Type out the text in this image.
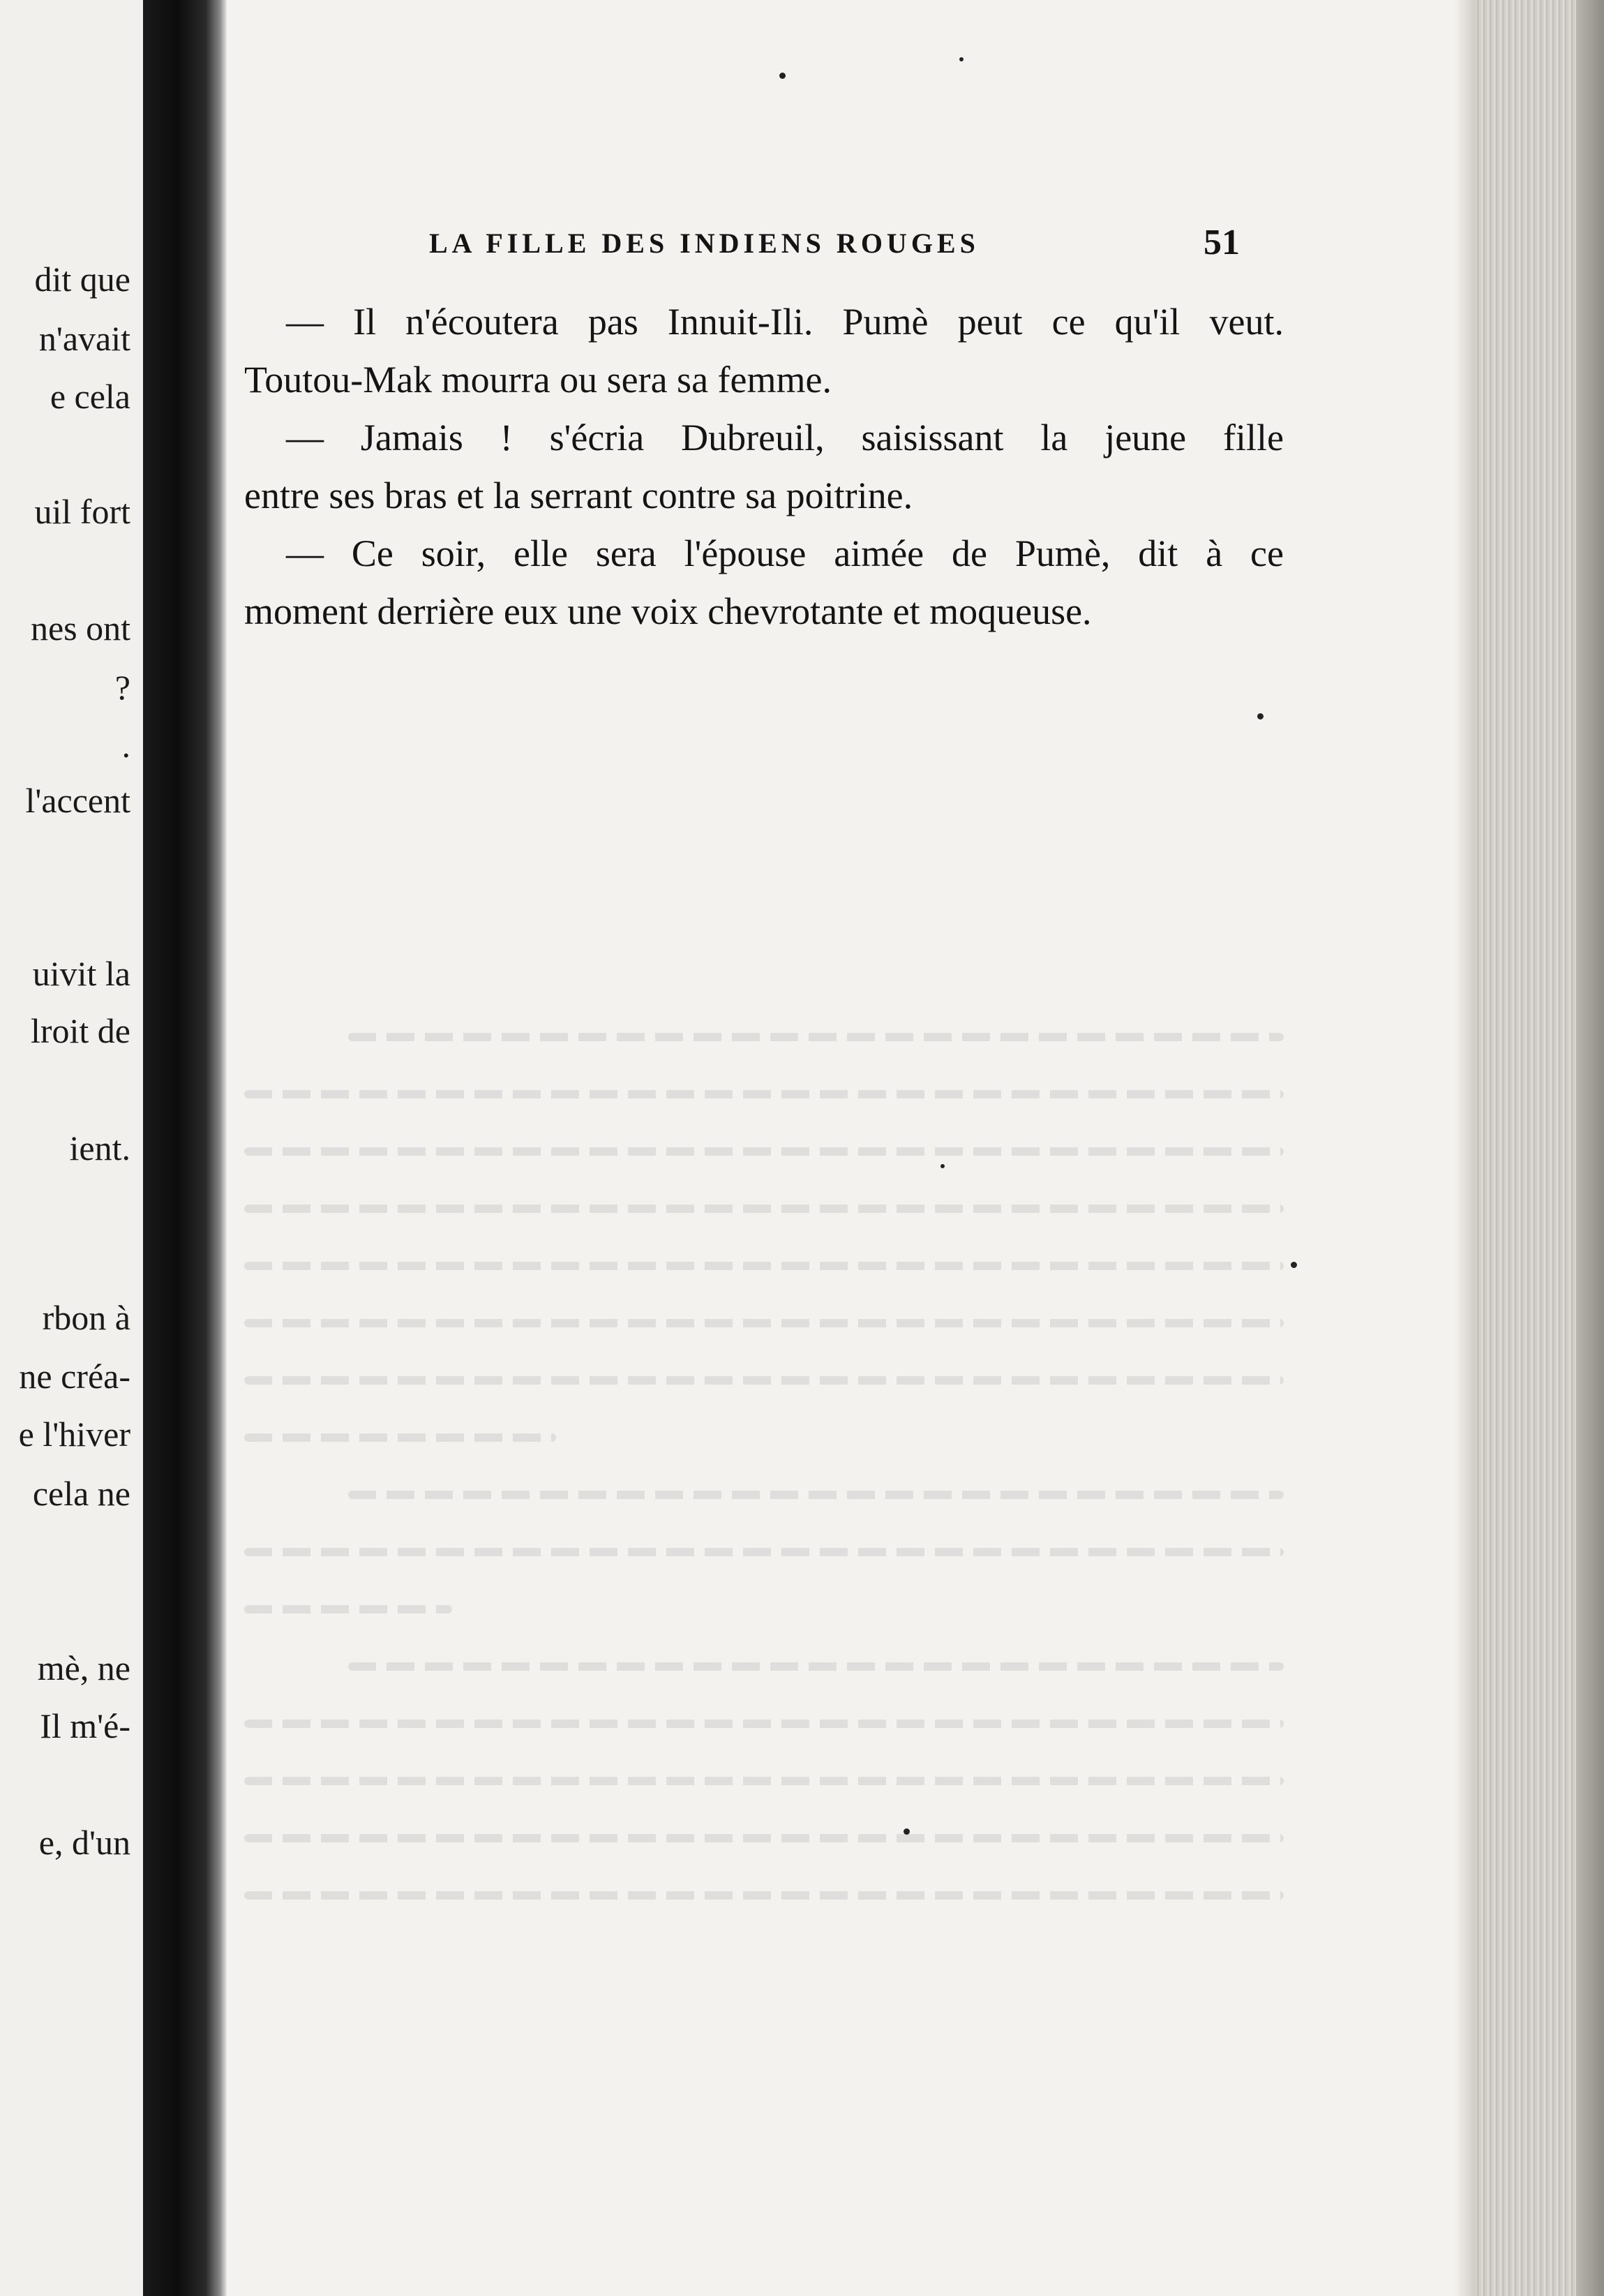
dit que
n'avait
e cela
uil fort
nes ont
?
.
l'accent
uivit la
lroit de
ient.
rbon à
ne créa-
e l'hiver
cela ne
mè, ne
Il m'é-
e, d'un
LA FILLE DES INDIENS ROUGES	51

— Il n'écoutera pas Innuit-Ili. Pumè peut ce qu'il veut.

Toutou-Mak mourra ou sera sa femme.

— Jamais ! s'écria Dubreuil, saisissant la jeune fille

entre ses bras et la serrant contre sa poitrine.

— Ce soir, elle sera l'épouse aimée de Pumè, dit à ce

moment derrière eux une voix chevrotante et moqueuse.
